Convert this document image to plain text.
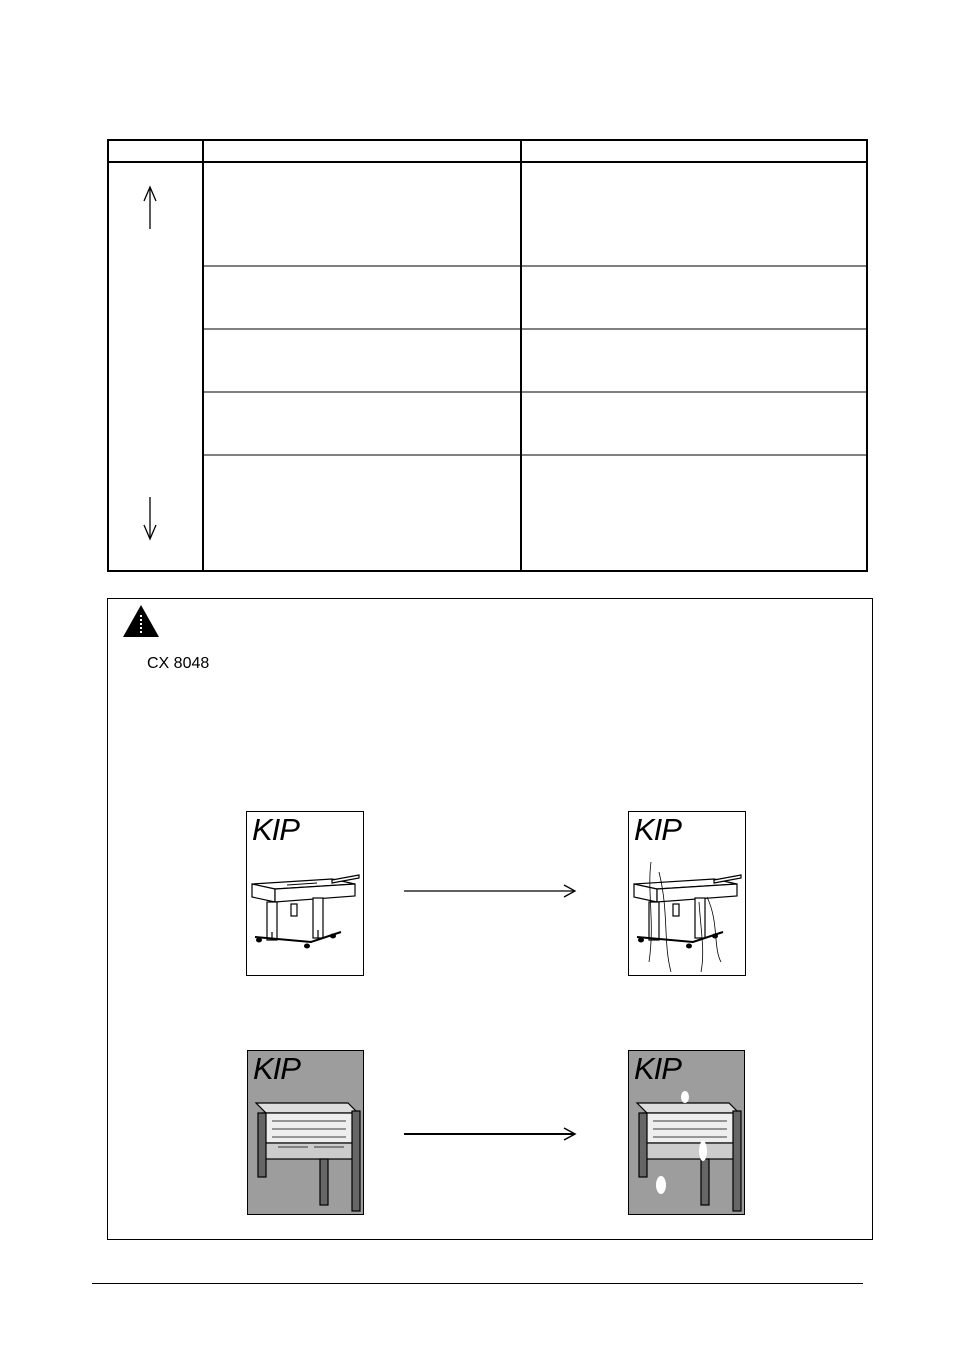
CX 8048
KIP	KIP
KIP	KIP
